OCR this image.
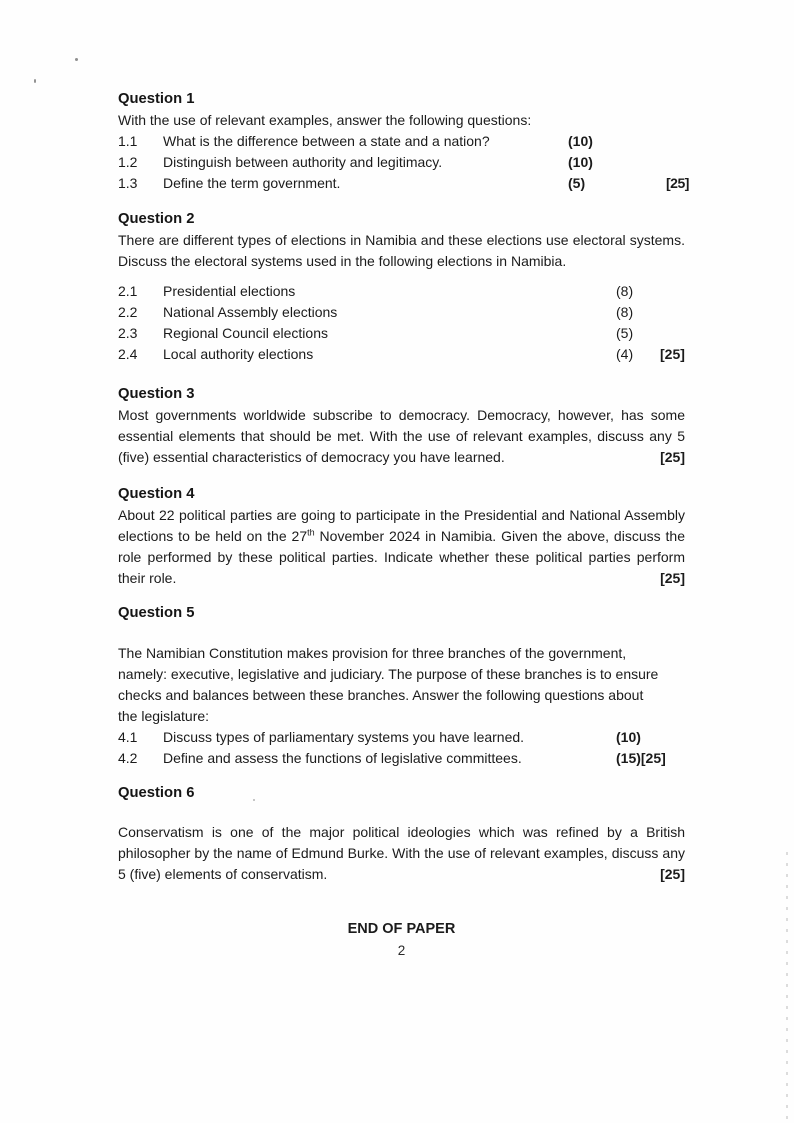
Question 1

With the use of relevant examples, answer the following questions:

1.1 What is the difference between a state and a nation?	(10)
1.2 Distinguish between authority and legitimacy.	(10)
1.3 Define the term government.	(5)	[25]
Question 2

There are different types of elections in Namibia and these elections use electoral systems. Discuss the electoral systems used in the following elections in Namibia.

2.1 Presidential elections	(8)
2.2 National Assembly elections	(8)
2.3 Regional Council elections	(5)
2.4 Local authority elections	(4) [25]
Question 3

Most governments worldwide subscribe to democracy. Democracy, however, has some essential elements that should be met. With the use of relevant examples, discuss any 5 (five) essential characteristics of democracy you have learned.	[25]

Question 4

About 22 political parties are going to participate in the Presidential and National Assembly elections to be held on the 27th November 2024 in Namibia. Given the above, discuss the role performed by these political parties. Indicate whether these political parties perform their role.	[25]

Question 5

The Namibian Constitution makes provision for three branches of the government, namely: executive, legislative and judiciary. The purpose of these branches is to ensure checks and balances between these branches. Answer the following questions about the legislature:

4.1 Discuss types of parliamentary systems you have learned.	(10)
4.2 Define and assess the functions of legislative committees.	(15)[25]
Question 6

Conservatism is one of the major political ideologies which was refined by a British philosopher by the name of Edmund Burke. With the use of relevant examples, discuss any 5 (five) elements of conservatism.	[25]

END OF PAPER
2
